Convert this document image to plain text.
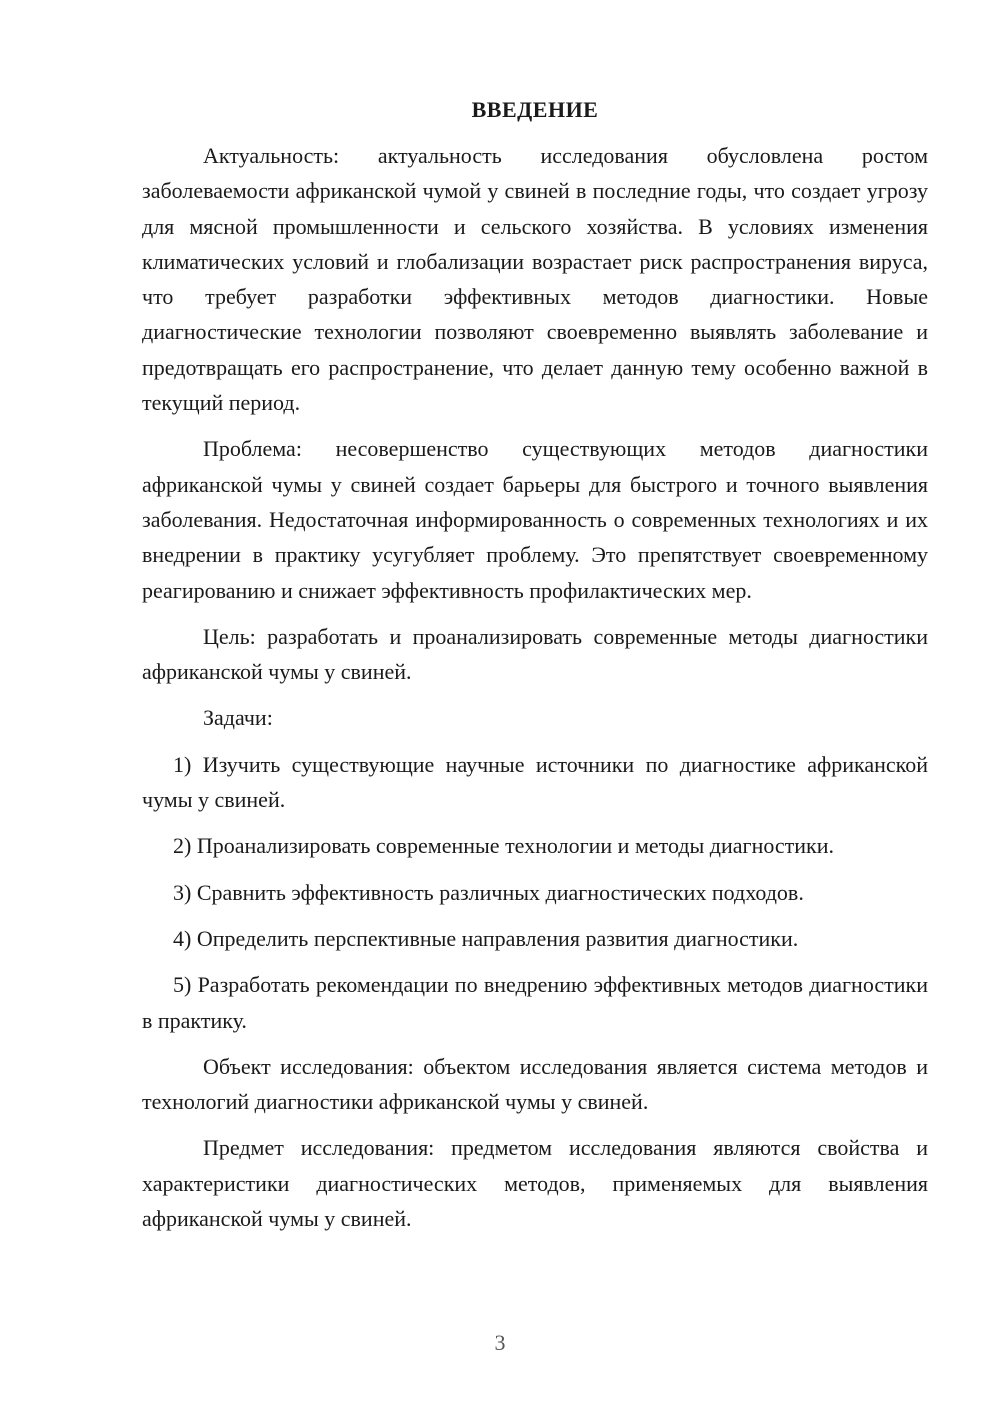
ВВЕДЕНИЕ

Актуальность: актуальность исследования обусловлена ростом заболеваемости африканской чумой у свиней в последние годы, что создает угрозу для мясной промышленности и сельского хозяйства. В условиях изменения климатических условий и глобализации возрастает риск распространения вируса, что требует разработки эффективных методов диагностики. Новые диагностические технологии позволяют своевременно выявлять заболевание и предотвращать его распространение, что делает данную тему особенно важной в текущий период.

Проблема: несовершенство существующих методов диагностики африканской чумы у свиней создает барьеры для быстрого и точного выявления заболевания. Недостаточная информированность о современных технологиях и их внедрении в практику усугубляет проблему. Это препятствует своевременному реагированию и снижает эффективность профилактических мер.

Цель: разработать и проанализировать современные методы диагностики африканской чумы у свиней.

Задачи:

1) Изучить существующие научные источники по диагностике африканской чумы у свиней.

2) Проанализировать современные технологии и методы диагностики.

3) Сравнить эффективность различных диагностических подходов.

4) Определить перспективные направления развития диагностики.

5) Разработать рекомендации по внедрению эффективных методов диагностики в практику.

Объект исследования: объектом исследования является система методов и технологий диагностики африканской чумы у свиней.

Предмет исследования: предметом исследования являются свойства и характеристики диагностических методов, применяемых для выявления африканской чумы у свиней.

3
